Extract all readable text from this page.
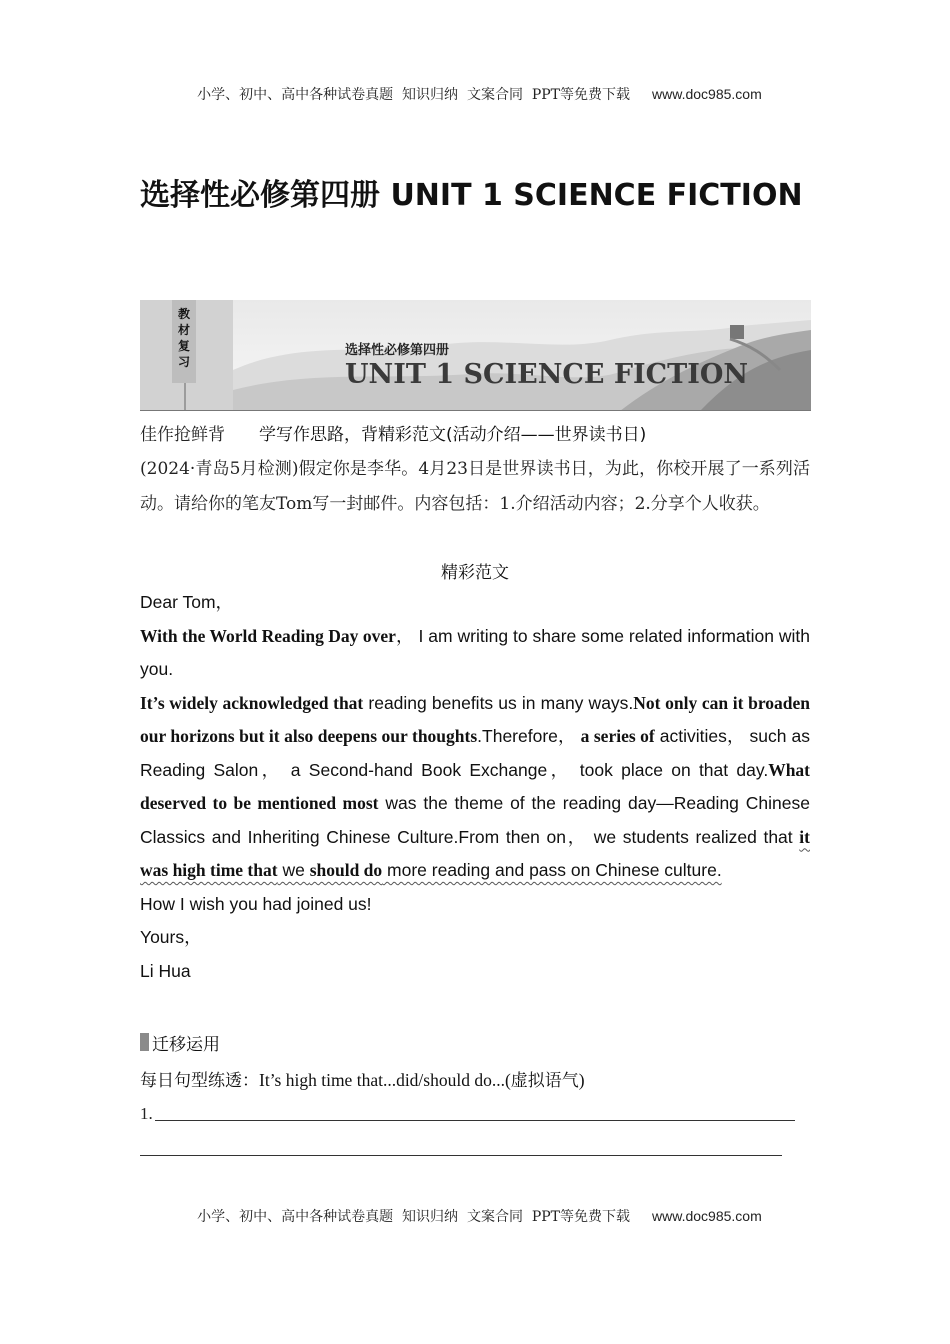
小学、初中、高中各种试卷真题  知识归纳  文案合同  PPT等免费下载 www.doc985.com

选择性必修第四册 UNIT 1 SCIENCE FICTION
教
材
复
习
选择性必修第四册
UNIT 1 SCIENCE FICTION
佳作抢鲜背 学写作思路，背精彩范文(活动介绍——世界读书日)
(2024·青岛5月检测)假定你是李华。4月23日是世界读书日，为此，你校开展了一系列活动。请给你的笔友Tom写一封邮件。内容包括：1.介绍活动内容；2.分享个人收获。
精彩范文

Dear Tom，

With the World Reading Day over， I am writing to share some related information with you.

It’s widely acknowledged that reading benefits us in many ways.Not only can it broaden our horizons but it also deepens our thoughts.Therefore， a series of activities， such as Reading Salon， a Second-hand Book Exchange， took place on that day.What deserved to be mentioned most was the theme of the reading day—Reading Chinese Classics and Inheriting Chinese Culture.From then on， we students realized that it was high time that we should do more reading and pass on Chinese culture.

How I wish you had joined us!

Yours，

Li Hua

迁移运用
每日句型练透：It’s high time that...did/should do...(虚拟语气)
1.

小学、初中、高中各种试卷真题  知识归纳  文案合同  PPT等免费下载 www.doc985.com
